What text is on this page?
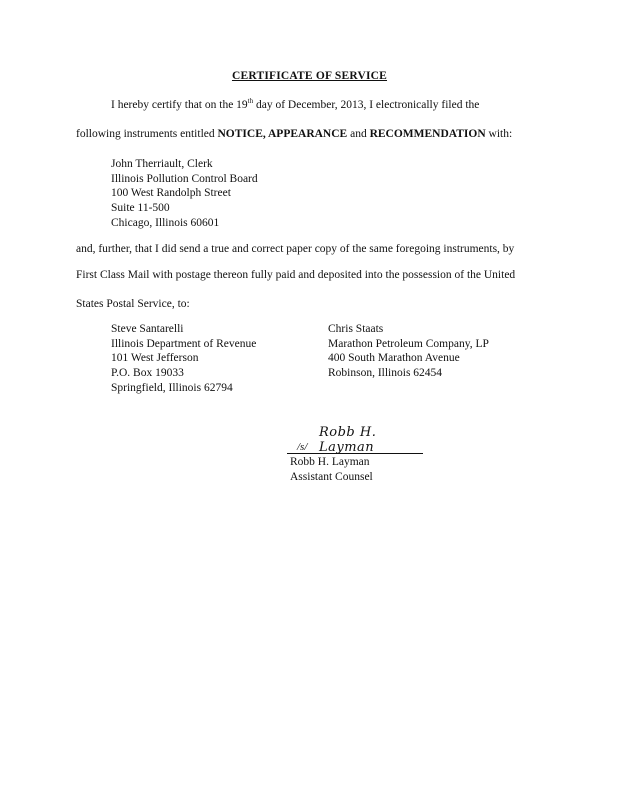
CERTIFICATE OF SERVICE
I hereby certify that on the 19th day of December, 2013, I electronically filed the
following instruments entitled NOTICE, APPEARANCE and RECOMMENDATION with:
John Therriault, Clerk
Illinois Pollution Control Board
100 West Randolph Street
Suite 11-500
Chicago, Illinois 60601
and, further, that I did send a true and correct paper copy of the same foregoing instruments, by
First Class Mail with postage thereon fully paid and deposited into the possession of the United
States Postal Service, to:
Steve Santarelli
Illinois Department of Revenue
101 West Jefferson
P.O. Box 19033
Springfield, Illinois 62794
Chris Staats
Marathon Petroleum Company, LP
400 South Marathon Avenue
Robinson, Illinois 62454
/s/
Robb H. Layman
Robb H. Layman
Assistant Counsel
